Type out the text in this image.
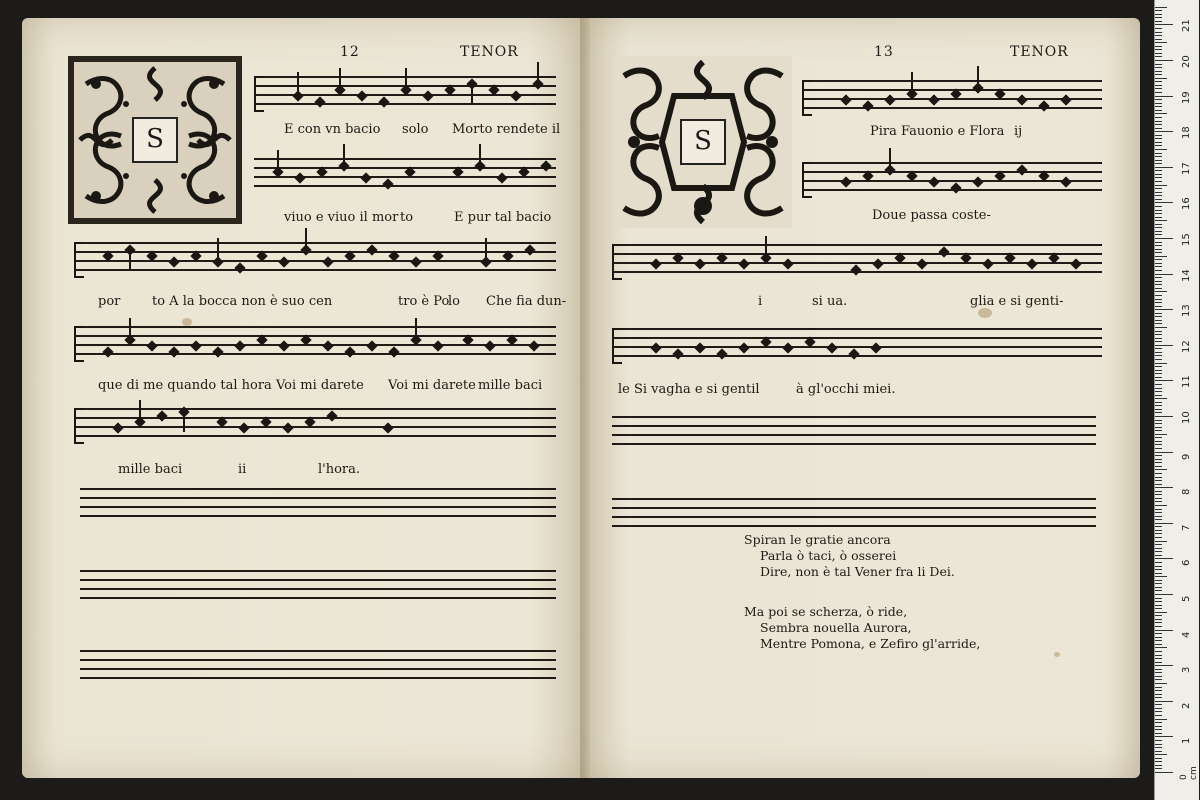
12	TENOR
S	E con vn bacio solo Morto rendete il
viuo e viuo il mor to	E pur tal bacio
por to A la bocca non è suo cen	tro è Po
lo Che fia dun-
que di me quando tal hora Voi mi darete Voi mi darete mille baci
mille baci	ii	l'hora.
13	TENOR
S	Pira Fauonio e Flora ij
Doue passa coste-
i	si ua.	glia e si genti-
le Si vagha e si gentil	à gl'occhi miei.
Spiran le gratie ancora
Parla ò taci, ò osserei
Dire, non è tal Vener fra li Dei.
Ma poi se scherza, ò ride,
Sembra nouella Aurora,
Mentre Pomona, e Zefiro gl'arride,
0 cm
1
2
3
4
5
6
7
8
9
10
11
12
13
14
15
16
17
18
19
20
21
